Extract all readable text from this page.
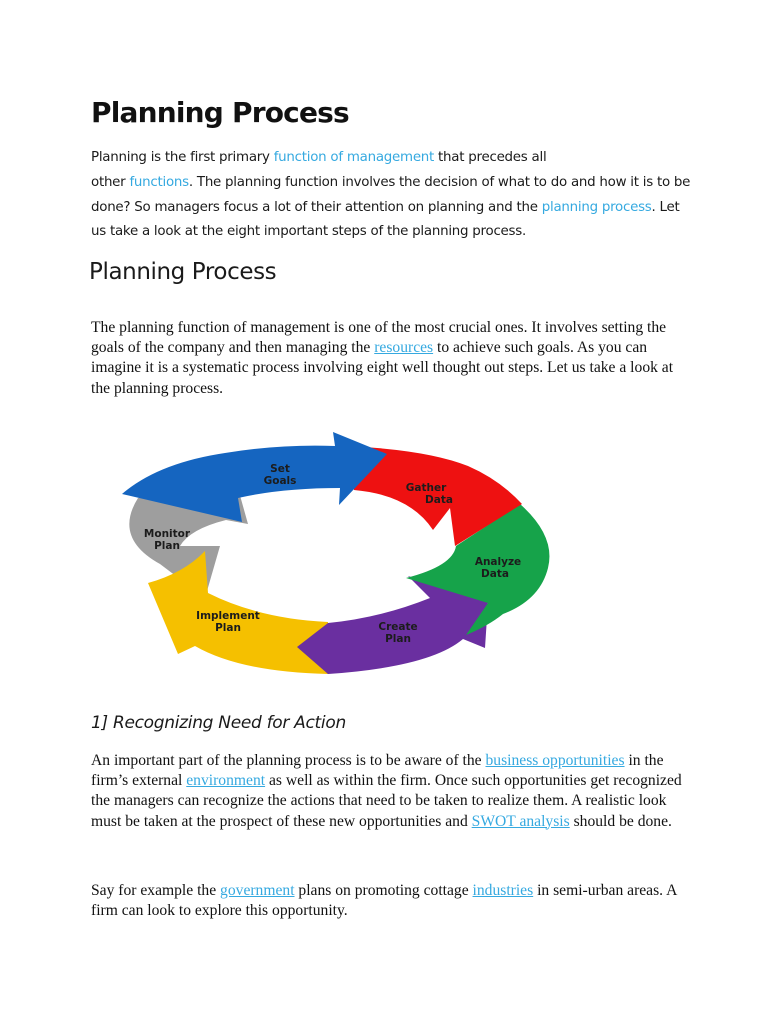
Planning Process

Planning is the first primary function of management that precedes all
other functions. The planning function involves the decision of what to do and how it is to be done? So managers focus a lot of their attention on planning and the planning process. Let us take a look at the eight important steps of the planning process.

Planning Process

The planning function of management is one of the most crucial ones. It involves setting the goals of the company and then managing the resources to achieve such goals. As you can imagine it is a systematic process involving eight well thought out steps. Let us take a look at the planning process.

Set Goals
Gather Data
Analyze Data
Create Plan
Implement Plan
Monitor Plan
1] Recognizing Need for Action

An important part of the planning process is to be aware of the business opportunities in the firm’s external environment as well as within the firm. Once such opportunities get recognized the managers can recognize the actions that need to be taken to realize them. A realistic look must be taken at the prospect of these new opportunities and SWOT analysis should be done.

Say for example the government plans on promoting cottage industries in semi-urban areas. A firm can look to explore this opportunity.
